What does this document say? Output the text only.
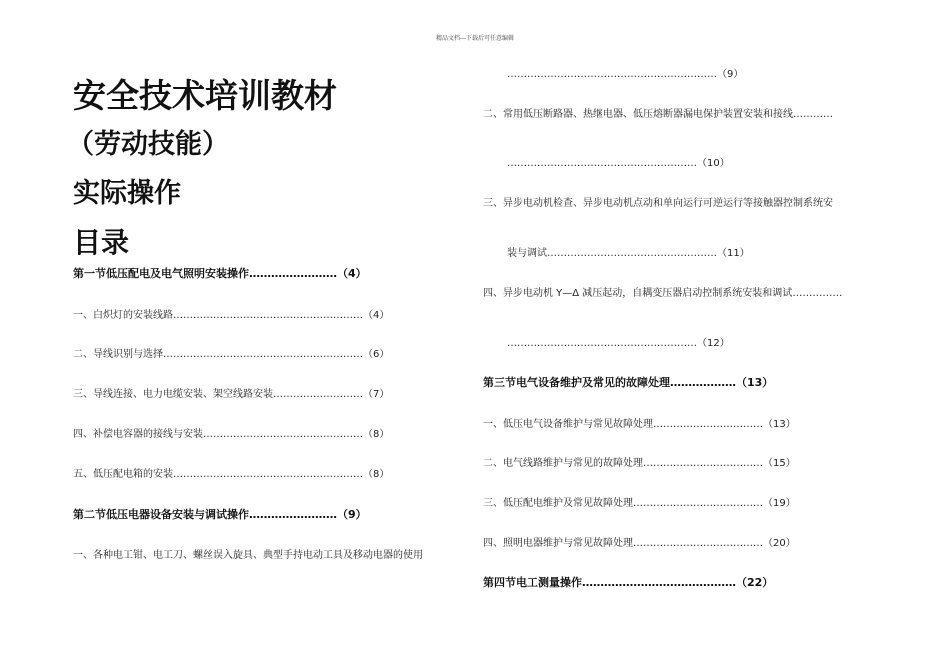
精品文档---下载后可任意编辑
安全技术培训教材
（劳动技能）
实际操作
目录
第一节低压配电及电气照明安装操作……………………（4）
一、白炽灯的安装线路…………………………………………………（4）
二、导线识别与选择……………………………………………………（6）
三、导线连接、电力电缆安装、架空线路安装………………………（7）
四、补偿电容器的接线与安装…………………………………………（8）
五、低压配电箱的安装…………………………………………………（8）
第二节低压电器设备安装与调试操作……………………（9）
一、各种电工钳、电工刀、螺丝误入旋具、典型手持电动工具及移动电器的使用
………………………………………………………（9）
二、常用低压断路器、热继电器、低压熔断器漏电保护装置安装和接线…………
…………………………………………………（10）
三、异步电动机检查、异步电动机点动和单向运行可逆运行等接触器控制系统安
装与调试……………………………………………（11）
四、异步电动机 Y—Δ 减压起动，自耦变压器启动控制系统安装和调试……………
…………………………………………………（12）
第三节电气设备维护及常见的故障处理………………（13）
一、低压电气设备维护与常见故障处理……………………………（13）
二、电气线路维护与常见的故障处理………………………………（15）
三、低压配电维护及常见故障处理…………………………………（19）
四、照明电器维护与常见故障处理…………………………………（20）
第四节电工测量操作……………………………………（22）
